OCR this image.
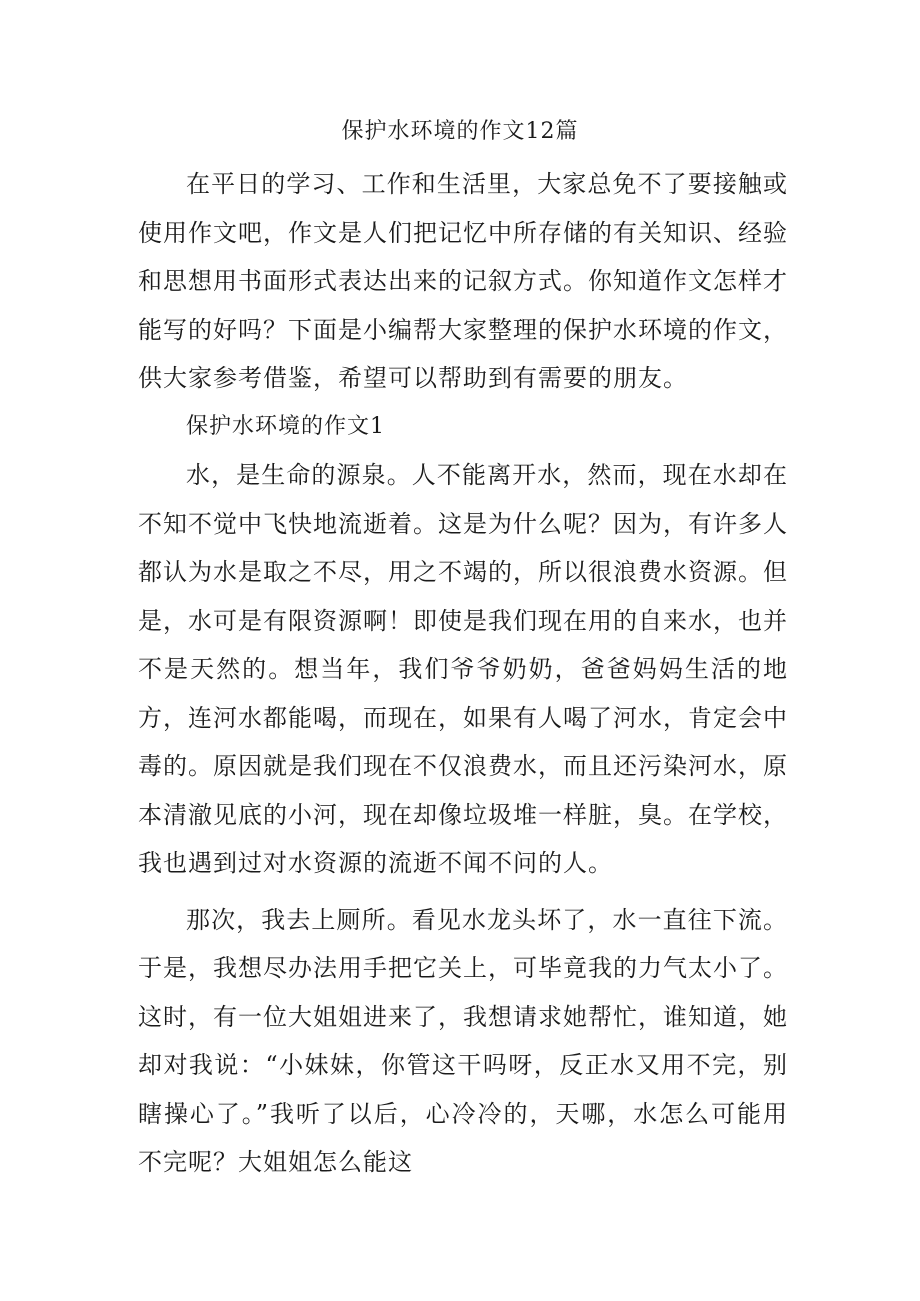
保护水环境的作文12篇

在平日的学习、工作和生活里，大家总免不了要接触或使用作文吧，作文是人们把记忆中所存储的有关知识、经验和思想用书面形式表达出来的记叙方式。你知道作文怎样才能写的好吗？下面是小编帮大家整理的保护水环境的作文，供大家参考借鉴，希望可以帮助到有需要的朋友。

保护水环境的作文1

水，是生命的源泉。人不能离开水，然而，现在水却在不知不觉中飞快地流逝着。这是为什么呢？因为，有许多人都认为水是取之不尽，用之不竭的，所以很浪费水资源。但是，水可是有限资源啊！即使是我们现在用的自来水，也并不是天然的。想当年，我们爷爷奶奶，爸爸妈妈生活的地方，连河水都能喝，而现在，如果有人喝了河水，肯定会中毒的。原因就是我们现在不仅浪费水，而且还污染河水，原本清澈见底的小河，现在却像垃圾堆一样脏，臭。在学校，我也遇到过对水资源的流逝不闻不问的人。

那次，我去上厕所。看见水龙头坏了，水一直往下流。于是，我想尽办法用手把它关上，可毕竟我的力气太小了。这时，有一位大姐姐进来了，我想请求她帮忙，谁知道，她却对我说：“小妹妹，你管这干吗呀，反正水又用不完，别瞎操心了。”我听了以后，心冷冷的，天哪，水怎么可能用不完呢？大姐姐怎么能这
